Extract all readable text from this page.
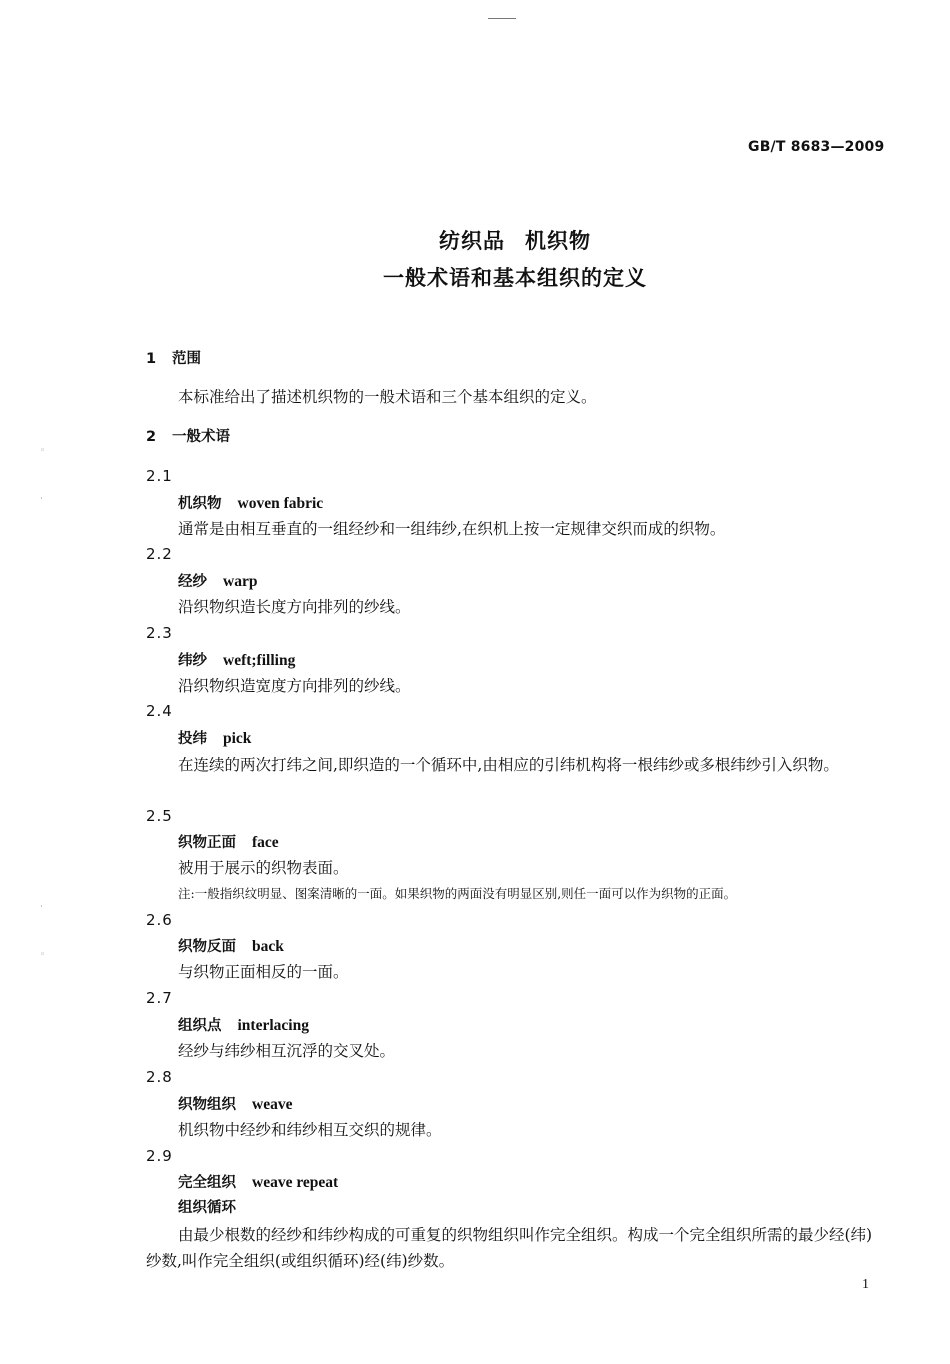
GB/T 8683—2009
纺织品 机织物
一般术语和基本组织的定义
1 范围
本标准给出了描述机织物的一般术语和三个基本组织的定义。
2 一般术语
2.1
机织物 woven fabric
通常是由相互垂直的一组经纱和一组纬纱,在织机上按一定规律交织而成的织物。
2.2
经纱 warp
沿织物织造长度方向排列的纱线。
2.3
纬纱 weft;filling
沿织物织造宽度方向排列的纱线。
2.4
投纬 pick
在连续的两次打纬之间,即织造的一个循环中,由相应的引纬机构将一根纬纱或多根纬纱引入织物。
2.5
织物正面 face
被用于展示的织物表面。
注:一般指织纹明显、图案清晰的一面。如果织物的两面没有明显区别,则任一面可以作为织物的正面。
2.6
织物反面 back
与织物正面相反的一面。
2.7
组织点 interlacing
经纱与纬纱相互沉浮的交叉处。
2.8
织物组织 weave
机织物中经纱和纬纱相互交织的规律。
2.9
完全组织 weave repeat
组织循环
由最少根数的经纱和纬纱构成的可重复的织物组织叫作完全组织。构成一个完全组织所需的最少经(纬)纱数,叫作完全组织(或组织循环)经(纬)纱数。
1
◦
·
·
◦
